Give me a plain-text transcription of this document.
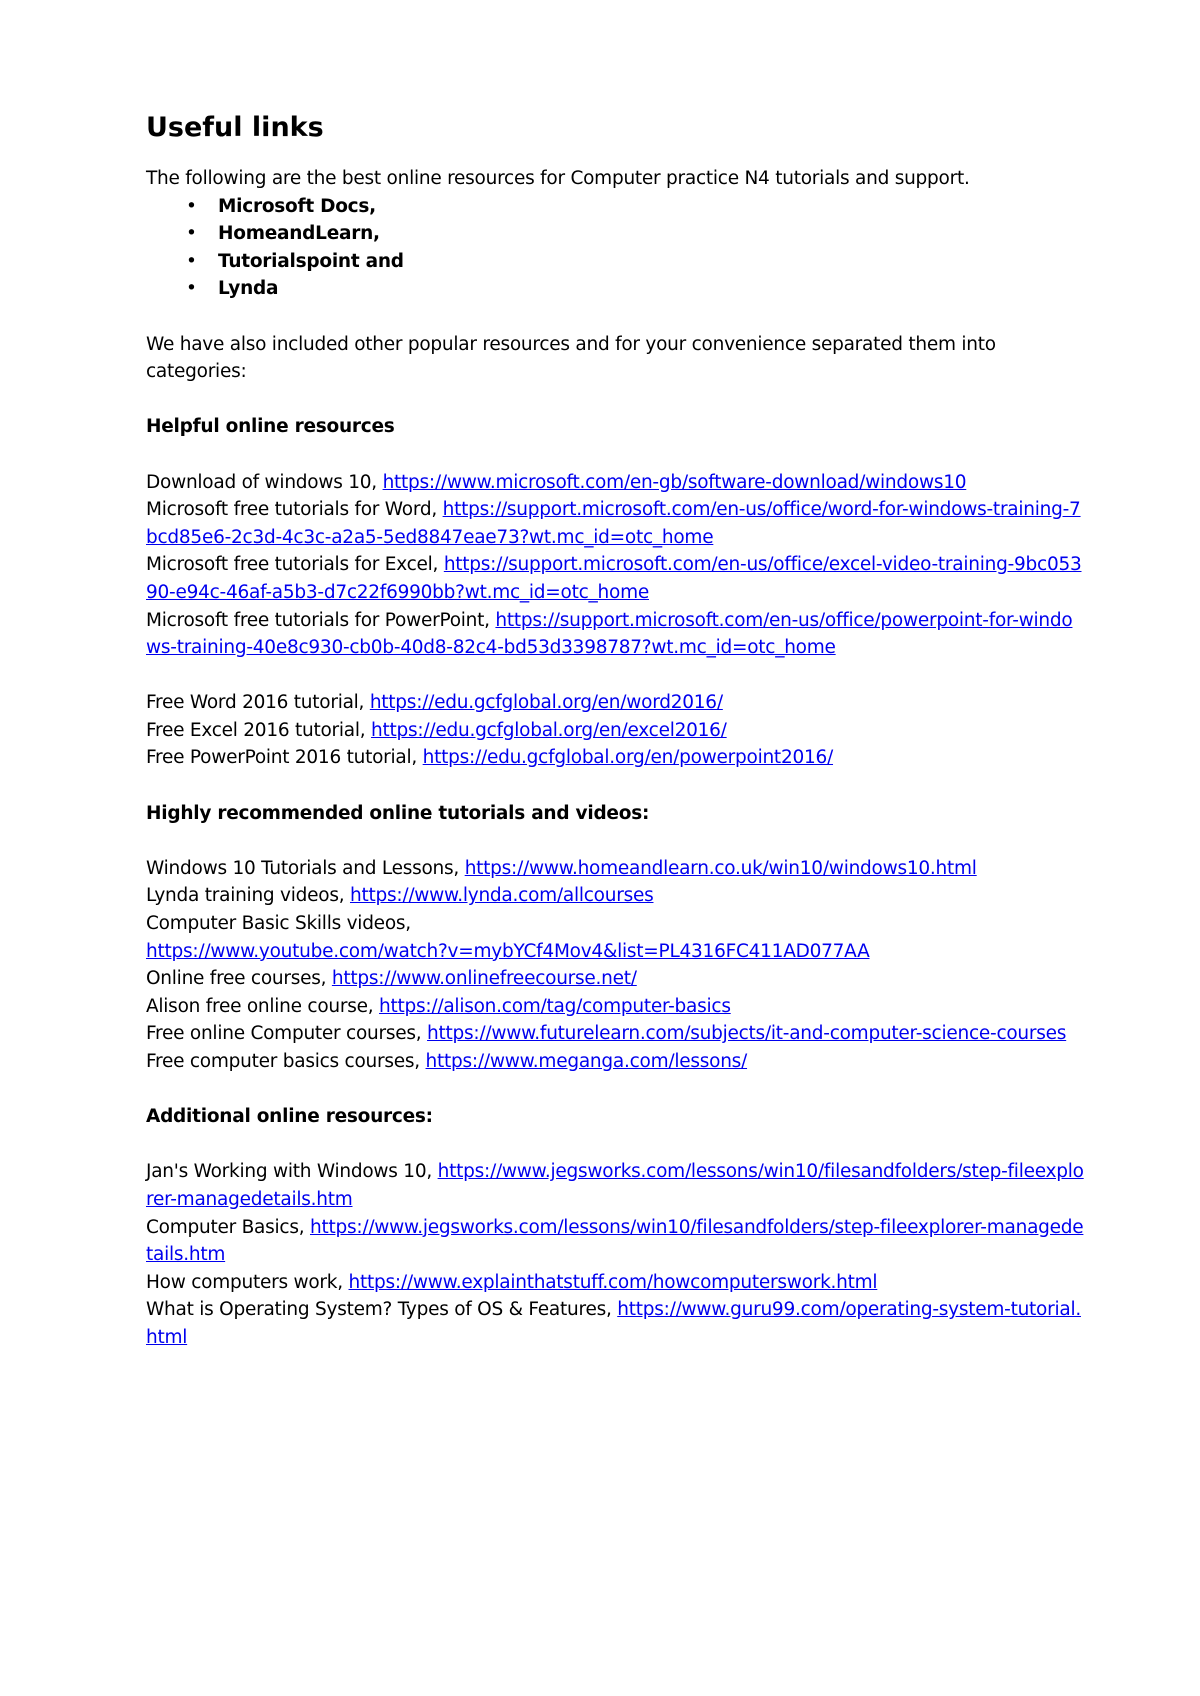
Useful links

The following are the best online resources for Computer practice N4 tutorials and support.

• Microsoft Docs,
• HomeandLearn,
• Tutorialspoint and
• Lynda

We have also included other popular resources and for your convenience separated them into categories:

Helpful online resources

Download of windows 10, https://www.microsoft.com/en-gb/software-download/windows10

Microsoft free tutorials for Word, https://support.microsoft.com/en-us/office/word-for-windows-training-7bcd85e6-2c3d-4c3c-a2a5-5ed8847eae73?wt.mc_id=otc_home

Microsoft free tutorials for Excel, https://support.microsoft.com/en-us/office/excel-video-training-9bc05390-e94c-46af-a5b3-d7c22f6990bb?wt.mc_id=otc_home

Microsoft free tutorials for PowerPoint, https://support.microsoft.com/en-us/office/powerpoint-for-windows-training-40e8c930-cb0b-40d8-82c4-bd53d3398787?wt.mc_id=otc_home

Free Word 2016 tutorial, https://edu.gcfglobal.org/en/word2016/

Free Excel 2016 tutorial, https://edu.gcfglobal.org/en/excel2016/

Free PowerPoint 2016 tutorial, https://edu.gcfglobal.org/en/powerpoint2016/

Highly recommended online tutorials and videos:

Windows 10 Tutorials and Lessons, https://www.homeandlearn.co.uk/win10/windows10.html

Lynda training videos, https://www.lynda.com/allcourses

Computer Basic Skills videos,
https://www.youtube.com/watch?v=mybYCf4Mov4&list=PL4316FC411AD077AA

Online free courses, https://www.onlinefreecourse.net/

Alison free online course, https://alison.com/tag/computer-basics

Free online Computer courses, https://www.futurelearn.com/subjects/it-and-computer-science-courses

Free computer basics courses, https://www.meganga.com/lessons/

Additional online resources:

Jan's Working with Windows 10, https://www.jegsworks.com/lessons/win10/filesandfolders/step-fileexplorer-managedetails.htm

Computer Basics, https://www.jegsworks.com/lessons/win10/filesandfolders/step-fileexplorer-managedetails.htm

How computers work, https://www.explainthatstuff.com/howcomputerswork.html

What is Operating System? Types of OS & Features, https://www.guru99.com/operating-system-tutorial.html
